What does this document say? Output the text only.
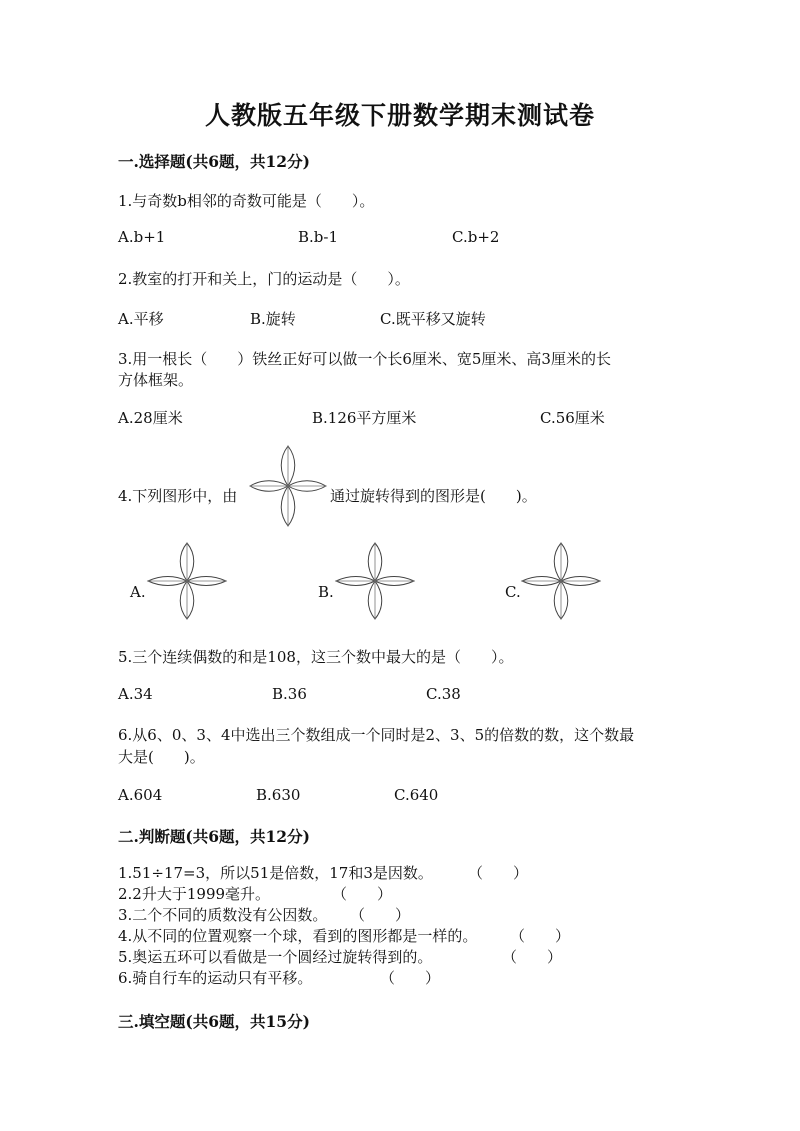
人教版五年级下册数学期末测试卷
一.选择题(共6题，共12分)
1.与奇数b相邻的奇数可能是（　　）。
A.b+1	B.b-1	C.b+2
2.教室的打开和关上，门的运动是（　　）。
A.平移	B.旋转	C.既平移又旋转
3.用一根长（　　）铁丝正好可以做一个长6厘米、宽5厘米、高3厘米的长
方体框架。
A.28厘米	B.126平方厘米	C.56厘米
4.下列图形中，由	通过旋转得到的图形是(　　)。
A.	B.	C.
5.三个连续偶数的和是108，这三个数中最大的是（　　）。
A.34	B.36	C.38
6.从6、0、3、4中选出三个数组成一个同时是2、3、5的倍数的数，这个数最
大是(　　)。
A.604	B.630	C.640
二.判断题(共6题，共12分)
1.51÷17=3，所以51是倍数，17和3是因数。 （　　）
2.2升大于1999毫升。	（　　）
3.二个不同的质数没有公因数。 （　　）
4.从不同的位置观察一个球，看到的图形都是一样的。 （　　）
5.奥运五环可以看做是一个圆经过旋转得到的。	（　　）
6.骑自行车的运动只有平移。	（　　）
三.填空题(共6题，共15分)
